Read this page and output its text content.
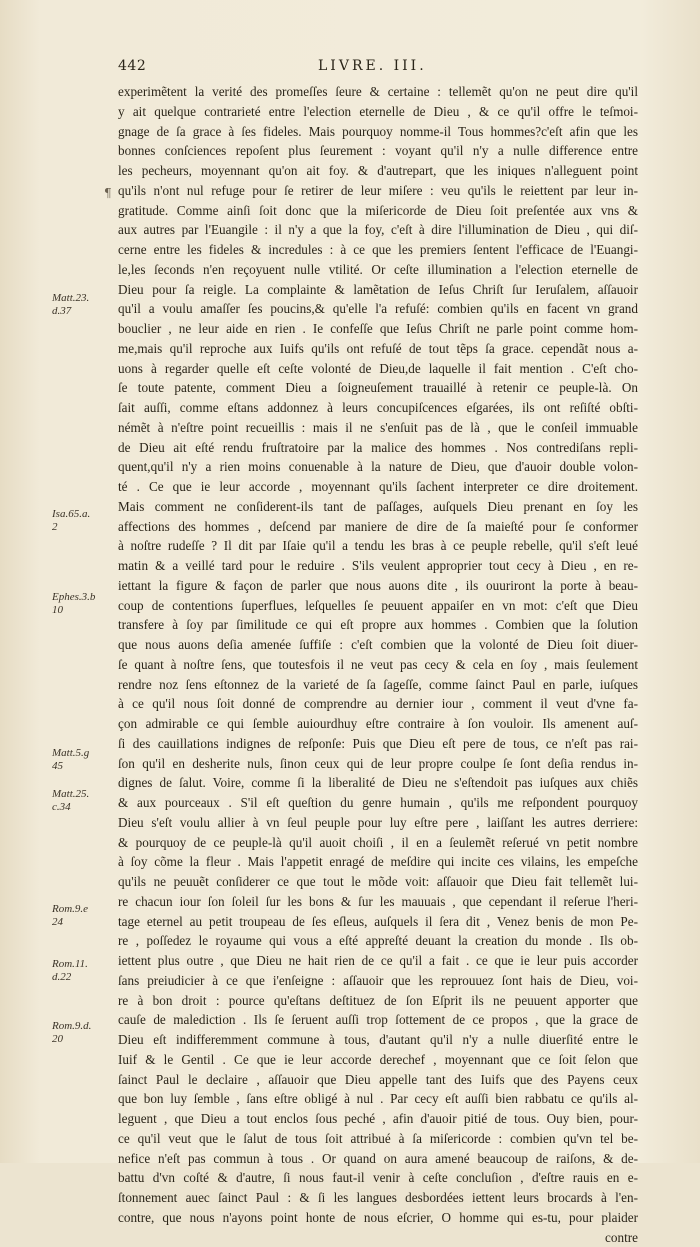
442	LIVRE. III.
experimẽtent la verité des promeſſes ſeure & certaine : tellemẽt qu'on ne peut dire qu'il
y ait quelque contrarieté entre l'election eternelle de Dieu , & ce qu'il offre le teſmoi-
gnage de ſa grace à ſes fideles. Mais pourquoy nomme-il Tous hommes?c'eſt afin que les
bonnes conſciences repoſent plus ſeurement : voyant qu'il n'y a nulle difference entre
les pecheurs, moyennant qu'on ait foy. & d'autrepart, que les iniques n'alleguent point
qu'ils n'ont nul refuge pour ſe retirer de leur miſere : veu qu'ils le reiettent par leur in-
gratitude. Comme ainſi ſoit donc que la miſericorde de Dieu ſoit preſentée aux vns &
aux autres par l'Euangile : il n'y a que la foy, c'eſt à dire l'illumination de Dieu , qui diſ-
cerne entre les fideles & incredules : à ce que les premiers ſentent l'efficace de l'Euangi-
le,les ſeconds n'en reçoyuent nulle vtilité. Or ceſte illumination a l'election eternelle de
Dieu pour ſa reigle. La complainte & lamẽtation de Ieſus Chriſt ſur Ieruſalem, aſſauoir
qu'il a voulu amaſſer ſes poucins,& qu'elle l'a refuſé: combien qu'ils en facent vn grand
bouclier , ne leur aide en rien . Ie confeſſe que Ieſus Chriſt ne parle point comme hom-
me,mais qu'il reproche aux Iuifs qu'ils ont refuſé de tout tẽps ſa grace. cependãt nous a-
uons à regarder quelle eſt ceſte volonté de Dieu,de laquelle il fait mention . C'eſt cho-
ſe toute patente, comment Dieu a ſoigneuſement trauaillé à retenir ce peuple-là. On
ſait auſſi, comme eſtans addonnez à leurs concupiſcences eſgarées, ils ont reſiſté obſti-
némẽt à n'eſtre point recueillis : mais il ne s'enſuit pas de là , que le conſeil immuable
de Dieu ait eſté rendu fruſtratoire par la malice des hommes . Nos contrediſans repli-
quent,qu'il n'y a rien moins conuenable à la nature de Dieu, que d'auoir double volon-
té . Ce que ie leur accorde , moyennant qu'ils ſachent interpreter ce dire droitement.
Mais comment ne conſiderent-ils tant de paſſages, auſquels Dieu prenant en ſoy les
affections des hommes , deſcend par maniere de dire de ſa maieſté pour ſe conformer
à noſtre rudeſſe ? Il dit par Iſaie qu'il a tendu les bras à ce peuple rebelle, qu'il s'eſt leué
matin & a veillé tard pour le reduire . S'ils veulent approprier tout cecy à Dieu , en re-
iettant la figure & façon de parler que nous auons dite , ils ouuriront la porte à beau-
coup de contentions ſuperflues, leſquelles ſe peuuent appaiſer en vn mot: c'eſt que Dieu
transfere à ſoy par ſimilitude ce qui eſt propre aux hommes . Combien que la ſolution
que nous auons deſia amenée ſuffiſe : c'eſt combien que la volonté de Dieu ſoit diuer-
ſe quant à noſtre ſens, que toutesfois il ne veut pas cecy & cela en ſoy , mais ſeulement
rendre noz ſens eſtonnez de la varieté de ſa ſageſſe, comme ſainct Paul en parle, iuſques
à ce qu'il nous ſoit donné de comprendre au dernier iour , comment il veut d'vne fa-
çon admirable ce qui ſemble auiourdhuy eſtre contraire à ſon vouloir. Ils amenent auſ-
ſi des cauillations indignes de reſponſe: Puis que Dieu eſt pere de tous, ce n'eſt pas rai-
ſon qu'il en desherite nuls, ſinon ceux qui de leur propre coulpe ſe ſont deſia rendus in-
dignes de ſalut. Voire, comme ſi la liberalité de Dieu ne s'eſtendoit pas iuſques aux chiẽs
& aux pourceaux . S'il eſt queſtion du genre humain , qu'ils me reſpondent pourquoy
Dieu s'eſt voulu allier à vn ſeul peuple pour luy eſtre pere , laiſſant les autres derriere:
& pourquoy de ce peuple-là qu'il auoit choiſi , il en a ſeulemẽt reſerué vn petit nombre
à ſoy cõme la fleur . Mais l'appetit enragé de meſdire qui incite ces vilains, les empeſche
qu'ils ne peuuẽt conſiderer ce que tout le mõde voit: aſſauoir que Dieu fait tellemẽt lui-
re chacun iour ſon ſoleil ſur les bons & ſur les mauuais , que cependant il reſerue l'heri-
tage eternel au petit troupeau de ſes eſleus, auſquels il ſera dit , Venez benis de mon Pe-
re , poſſedez le royaume qui vous a eſté appreſté deuant la creation du monde . Ils ob-
iettent plus outre , que Dieu ne hait rien de ce qu'il a fait . ce que ie leur puis accorder
ſans preiudicier à ce que i'enſeigne : aſſauoir que les reprouuez ſont hais de Dieu, voi-
re à bon droit : pource qu'eſtans deſtituez de ſon Eſprit ils ne peuuent apporter que
cauſe de malediction . Ils ſe ſeruent auſſi trop ſottement de ce propos , que la grace de
Dieu eſt indifferemment commune à tous, d'autant qu'il n'y a nulle diuerſité entre le
Iuif & le Gentil . Ce que ie leur accorde derechef , moyennant que ce ſoit ſelon que
ſainct Paul le declaire , aſſauoir que Dieu appelle tant des Iuifs que des Payens ceux
que bon luy ſemble , ſans eſtre obligé à nul . Par cecy eſt auſſi bien rabbatu ce qu'ils al-
leguent , que Dieu a tout enclos ſous peché , afin d'auoir pitié de tous. Ouy bien, pour-
ce qu'il veut que le ſalut de tous ſoit attribué à ſa miſericorde : combien qu'vn tel be-
nefice n'eſt pas commun à tous . Or quand on aura amené beaucoup de raiſons, & de-
battu d'vn coſté & d'autre, ſi nous faut-il venir à ceſte concluſion , d'eſtre rauis en e-
ſtonnement auec ſainct Paul : & ſi les langues desbordées iettent leurs brocards à l'en-
contre, que nous n'ayons point honte de nous eſcrier, O homme qui es-tu, pour plaider
contre
Matt.23.
d.37
Isa.65.a.
2
Ephes.3.b
10
Matt.5.g
45
Matt.25.
c.34
Rom.9.e
24
Rom.11.
d.22
Rom.9.d.
20
¶
